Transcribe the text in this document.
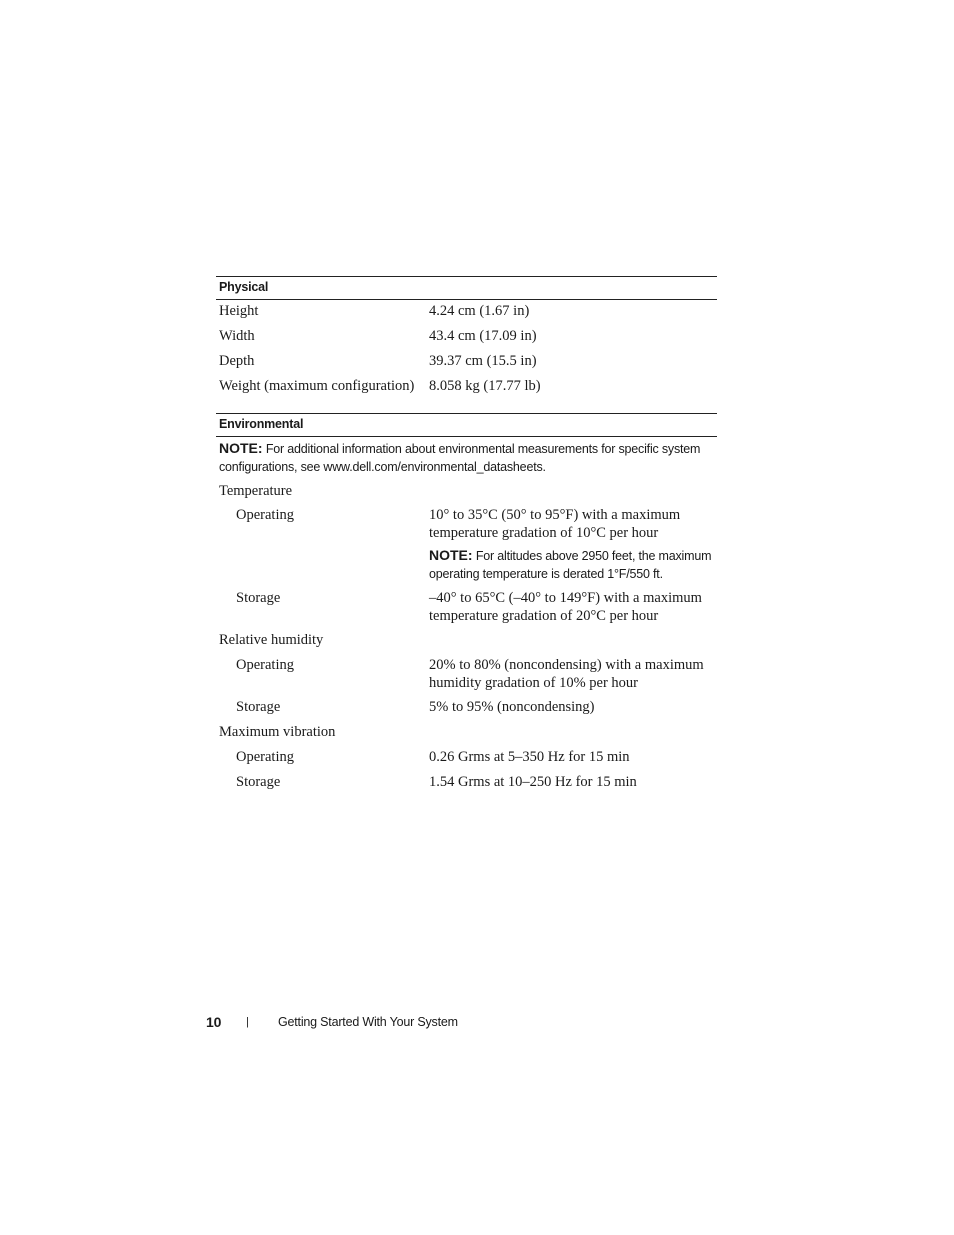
Physical
Height	4.24 cm (1.67 in)
Width	43.4 cm (17.09 in)
Depth	39.37 cm (15.5 in)
Weight (maximum configuration) 8.058 kg (17.77 lb)
Environmental
NOTE: For additional information about environmental measurements for specific system configurations, see www.dell.com/environmental_datasheets.
Temperature
Operating	10° to 35°C (50° to 95°F) with a maximum temperature gradation of 10°C per hour
NOTE: For altitudes above 2950 feet, the maximum operating temperature is derated 1°F/550 ft.
Storage	–40° to 65°C (–40° to 149°F) with a maximum temperature gradation of 20°C per hour
Relative humidity
Operating	20% to 80% (noncondensing) with a maximum humidity gradation of 10% per hour
Storage	5% to 95% (noncondensing)
Maximum vibration
Operating	0.26 Grms at 5–350 Hz for 15 min
Storage	1.54 Grms at 10–250 Hz for 15 min
10 | Getting Started With Your System
